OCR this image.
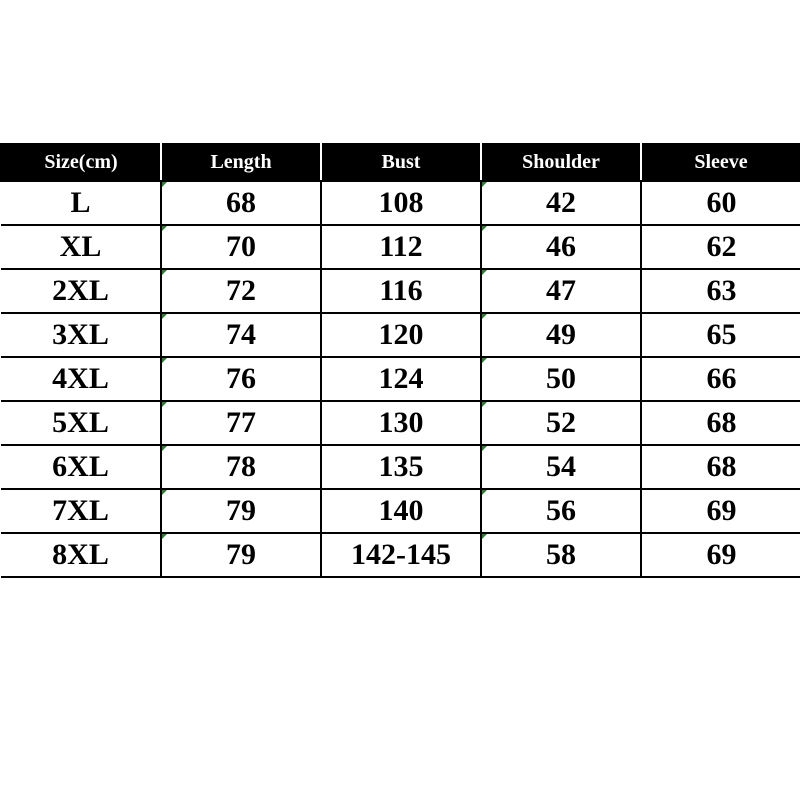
Size(cm)	Length	Bust	Shoulder	Sleeve
L	68	108	42	60
XL	70	112	46	62
2XL	72	116	47	63
3XL	74	120	49	65
4XL	76	124	50	66
5XL	77	130	52	68
6XL	78	135	54	68
7XL	79	140	56	69
8XL	79	142-145	58	69
